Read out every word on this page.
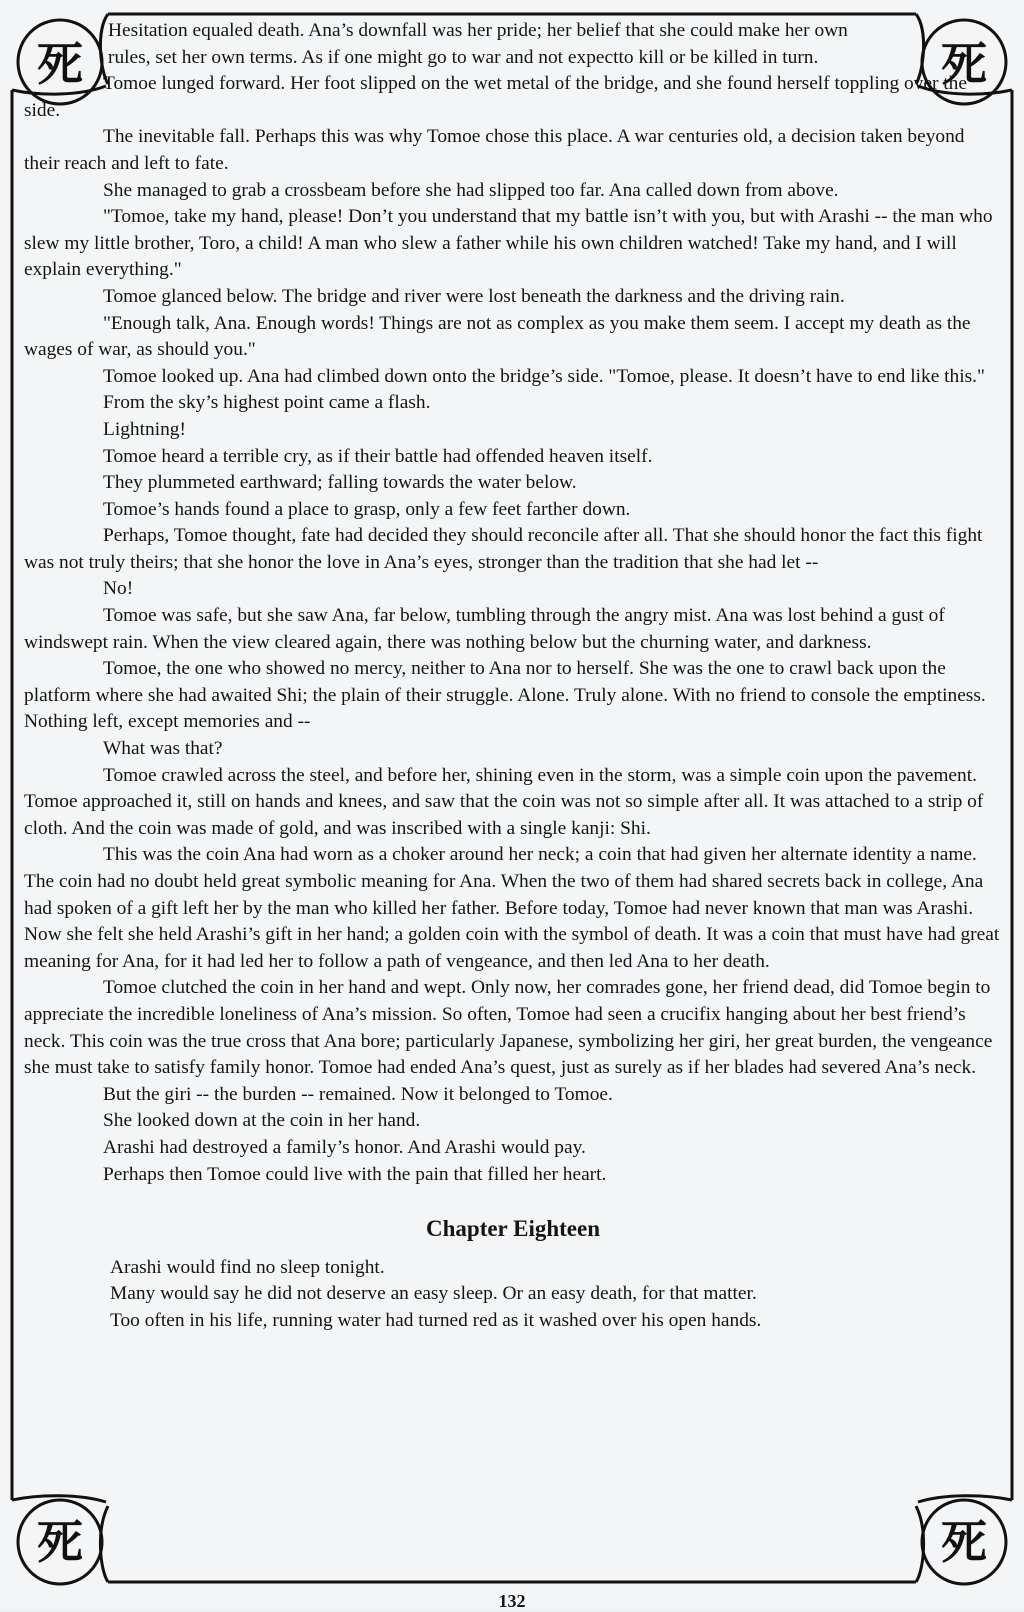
死	死
死	死

Hesitation equaled death. Ana’s downfall was her pride; her belief that she could make her own rules, set her own terms. As if one might go to war and not expectto kill or be killed in turn.

Tomoe lunged forward. Her foot slipped on the wet metal of the bridge, and she found herself toppling over the side.

The inevitable fall. Perhaps this was why Tomoe chose this place. A war centuries old, a decision taken beyond their reach and left to fate.

She managed to grab a crossbeam before she had slipped too far. Ana called down from above.

"Tomoe, take my hand, please! Don’t you understand that my battle isn’t with you, but with Arashi -- the man who slew my little brother, Toro, a child! A man who slew a father while his own children watched! Take my hand, and I will explain everything."

Tomoe glanced below. The bridge and river were lost beneath the darkness and the driving rain.

"Enough talk, Ana. Enough words! Things are not as complex as you make them seem. I accept my death as the wages of war, as should you."

Tomoe looked up. Ana had climbed down onto the bridge’s side. "Tomoe, please. It doesn’t have to end like this."

From the sky’s highest point came a flash.

Lightning!

Tomoe heard a terrible cry, as if their battle had offended heaven itself.

They plummeted earthward; falling towards the water below.

Tomoe’s hands found a place to grasp, only a few feet farther down.

Perhaps, Tomoe thought, fate had decided they should reconcile after all. That she should honor the fact this fight was not truly theirs; that she honor the love in Ana’s eyes, stronger than the tradition that she had let --

No!

Tomoe was safe, but she saw Ana, far below, tumbling through the angry mist. Ana was lost behind a gust of windswept rain. When the view cleared again, there was nothing below but the churning water, and darkness.

Tomoe, the one who showed no mercy, neither to Ana nor to herself. She was the one to crawl back upon the platform where she had awaited Shi; the plain of their struggle. Alone. Truly alone. With no friend to console the emptiness. Nothing left, except memories and --

What was that?

Tomoe crawled across the steel, and before her, shining even in the storm, was a simple coin upon the pavement. Tomoe approached it, still on hands and knees, and saw that the coin was not so simple after all. It was attached to a strip of cloth. And the coin was made of gold, and was inscribed with a single kanji: Shi.

This was the coin Ana had worn as a choker around her neck; a coin that had given her alternate identity a name. The coin had no doubt held great symbolic meaning for Ana. When the two of them had shared secrets back in college, Ana had spoken of a gift left her by the man who killed her father. Before today, Tomoe had never known that man was Arashi. Now she felt she held Arashi’s gift in her hand; a golden coin with the symbol of death. It was a coin that must have had great meaning for Ana, for it had led her to follow a path of vengeance, and then led Ana to her death.

Tomoe clutched the coin in her hand and wept. Only now, her comrades gone, her friend dead, did Tomoe begin to appreciate the incredible loneliness of Ana’s mission. So often, Tomoe had seen a crucifix hanging about her best friend’s neck. This coin was the true cross that Ana bore; particularly Japanese, symbolizing her giri, her great burden, the vengeance she must take to satisfy family honor. Tomoe had ended Ana’s quest, just as surely as if her blades had severed Ana’s neck.

But the giri -- the burden -- remained. Now it belonged to Tomoe.

She looked down at the coin in her hand.

Arashi had destroyed a family’s honor. And Arashi would pay.

Perhaps then Tomoe could live with the pain that filled her heart.

Chapter Eighteen

Arashi would find no sleep tonight.

Many would say he did not deserve an easy sleep. Or an easy death, for that matter.

Too often in his life, running water had turned red as it washed over his open hands.

132
